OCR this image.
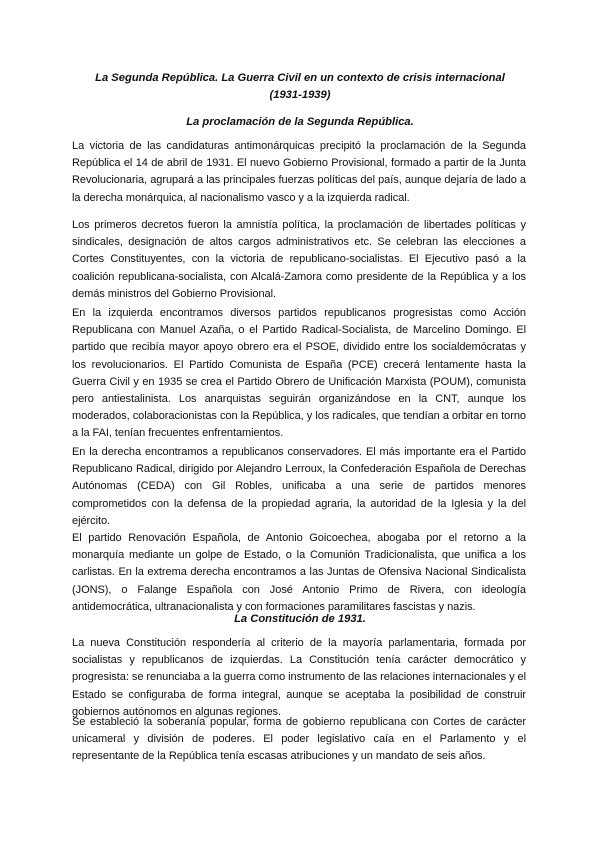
La Segunda República. La Guerra Civil en un contexto de crisis internacional
(1931-1939)

La proclamación de la Segunda República.

La victoria de las candidaturas antimonárquicas precipitó la proclamación de la Segunda República el 14 de abril de 1931. El nuevo Gobierno Provisional, formado a partir de la Junta Revolucionaria, agrupará a las principales fuerzas políticas del país, aunque dejaría de lado a la derecha monárquica, al nacionalismo vasco y a la izquierda radical.

Los primeros decretos fueron la amnistía política, la proclamación de libertades políticas y sindicales, designación de altos cargos administrativos etc. Se celebran las elecciones a Cortes Constituyentes, con la victoria de republicano-socialistas. El Ejecutivo pasó a la coalición republicana-socialista, con Alcalá-Zamora como presidente de la República y a los demás ministros del Gobierno Provisional.

En la izquierda encontramos diversos partidos republicanos progresistas como Acción Republicana con Manuel Azaña, o el Partido Radical-Socialista, de Marcelino Domingo. El partido que recibía mayor apoyo obrero era el PSOE, dividido entre los socialdemócratas y los revolucionarios. El Partido Comunista de España (PCE) crecerá lentamente hasta la Guerra Civil y en 1935 se crea el Partido Obrero de Unificación Marxista (POUM), comunista pero antiestalinista. Los anarquistas seguirán organizándose en la CNT, aunque los moderados, colaboracionistas con la República, y los radicales, que tendían a orbitar en torno a la FAI, tenían frecuentes enfrentamientos.

En la derecha encontramos a republicanos conservadores. El más importante era el Partido Republicano Radical, dirigido por Alejandro Lerroux, la Confederación Española de Derechas Autónomas (CEDA) con Gil Robles, unificaba a una serie de partidos menores comprometidos con la defensa de la propiedad agraria, la autoridad de la Iglesia y la del ejército.

El partido Renovación Española, de Antonio Goicoechea, abogaba por el retorno a la monarquía mediante un golpe de Estado, o la Comunión Tradicionalista, que unifica a los carlistas. En la extrema derecha encontramos a las Juntas de Ofensiva Nacional Sindicalista (JONS), o Falange Española con José Antonio Primo de Rivera, con ideología antidemocrática, ultranacionalista y con formaciones paramilitares fascistas y nazis.

La Constitución de 1931.

La nueva Constitución respondería al criterio de la mayoría parlamentaria, formada por socialistas y republicanos de izquierdas. La Constitución tenía carácter democrático y progresista: se renunciaba a la guerra como instrumento de las relaciones internacionales y el Estado se configuraba de forma integral, aunque se aceptaba la posibilidad de construir gobiernos autónomos en algunas regiones.

Se estableció la soberanía popular, forma de gobierno republicana con Cortes de carácter unicameral y división de poderes. El poder legislativo caía en el Parlamento y el representante de la República tenía escasas atribuciones y un mandato de seis años.
